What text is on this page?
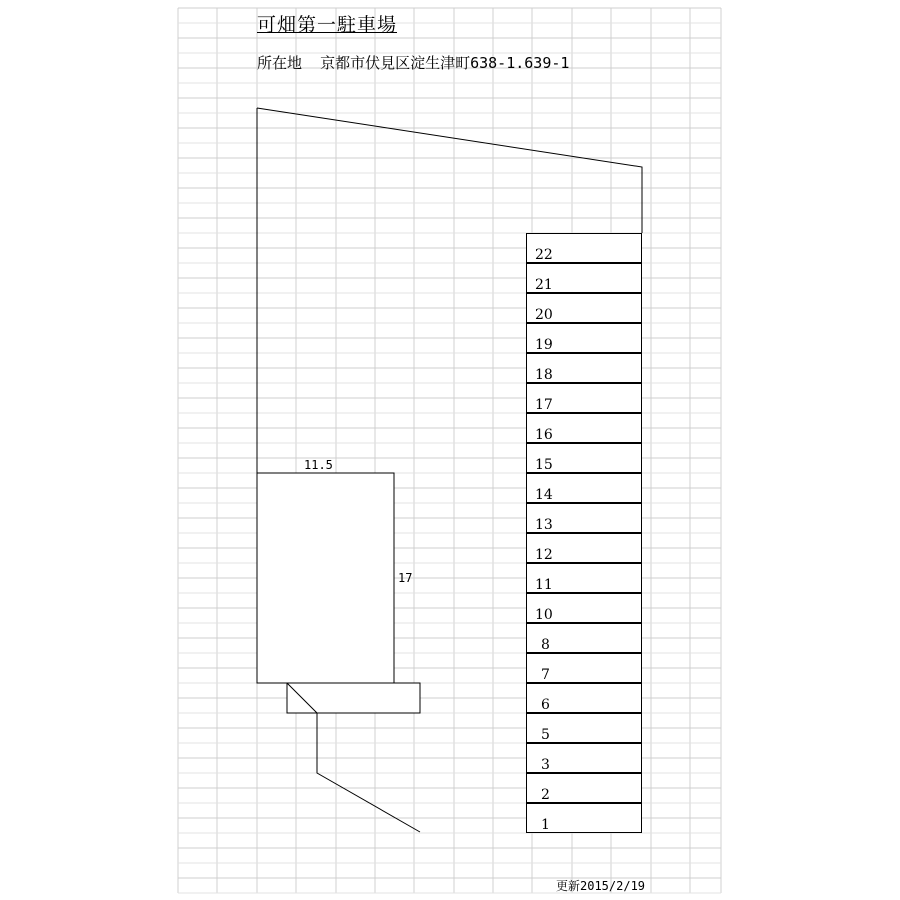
可畑第一駐車場
所在地 京都市伏見区淀生津町638-1.639-1
11.5
17
22
21
20
19
18
17
16
15
14
13
12
11
10
8
7
6
5
3
2
1
更新2015/2/19
